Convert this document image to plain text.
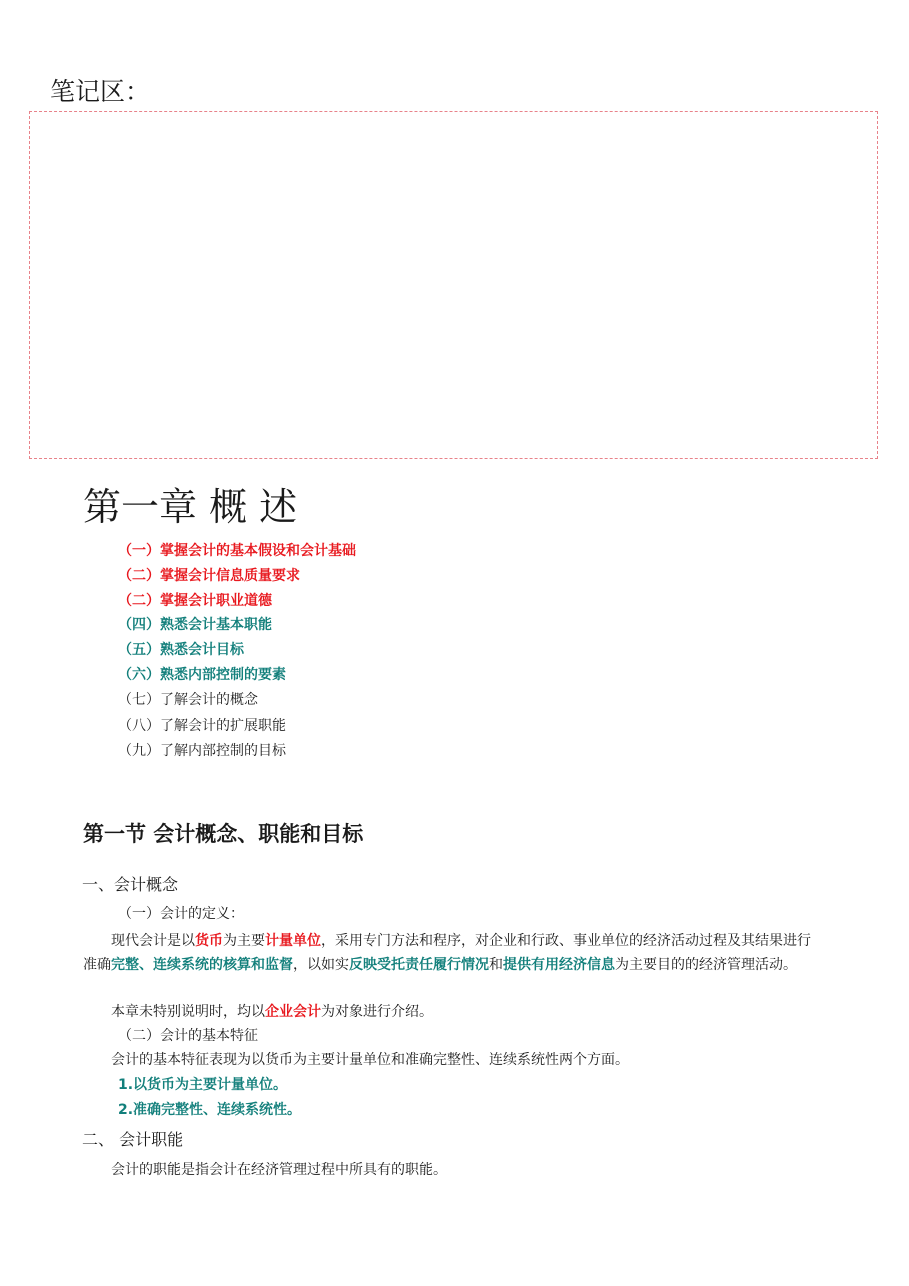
笔记区：
第一章 概 述
（一）掌握会计的基本假设和会计基础
（二）掌握会计信息质量要求
（二）掌握会计职业道德
（四）熟悉会计基本职能
（五）熟悉会计目标
（六）熟悉内部控制的要素
（七）了解会计的概念
（八）了解会计的扩展职能
（九）了解内部控制的目标
第一节 会计概念、职能和目标
一、会计概念
（一）会计的定义：
现代会计是以货币为主要计量单位，采用专门方法和程序，对企业和行政、事业单位的经济活动过程及其结果进行准确完整、连续系统的核算和监督，以如实反映受托责任履行情况和提供有用经济信息为主要目的的经济管理活动。
本章未特别说明时，均以企业会计为对象进行介绍。
（二）会计的基本特征
会计的基本特征表现为以货币为主要计量单位和准确完整性、连续系统性两个方面。
1.以货币为主要计量单位。
2.准确完整性、连续系统性。
二、 会计职能
会计的职能是指会计在经济管理过程中所具有的职能。
